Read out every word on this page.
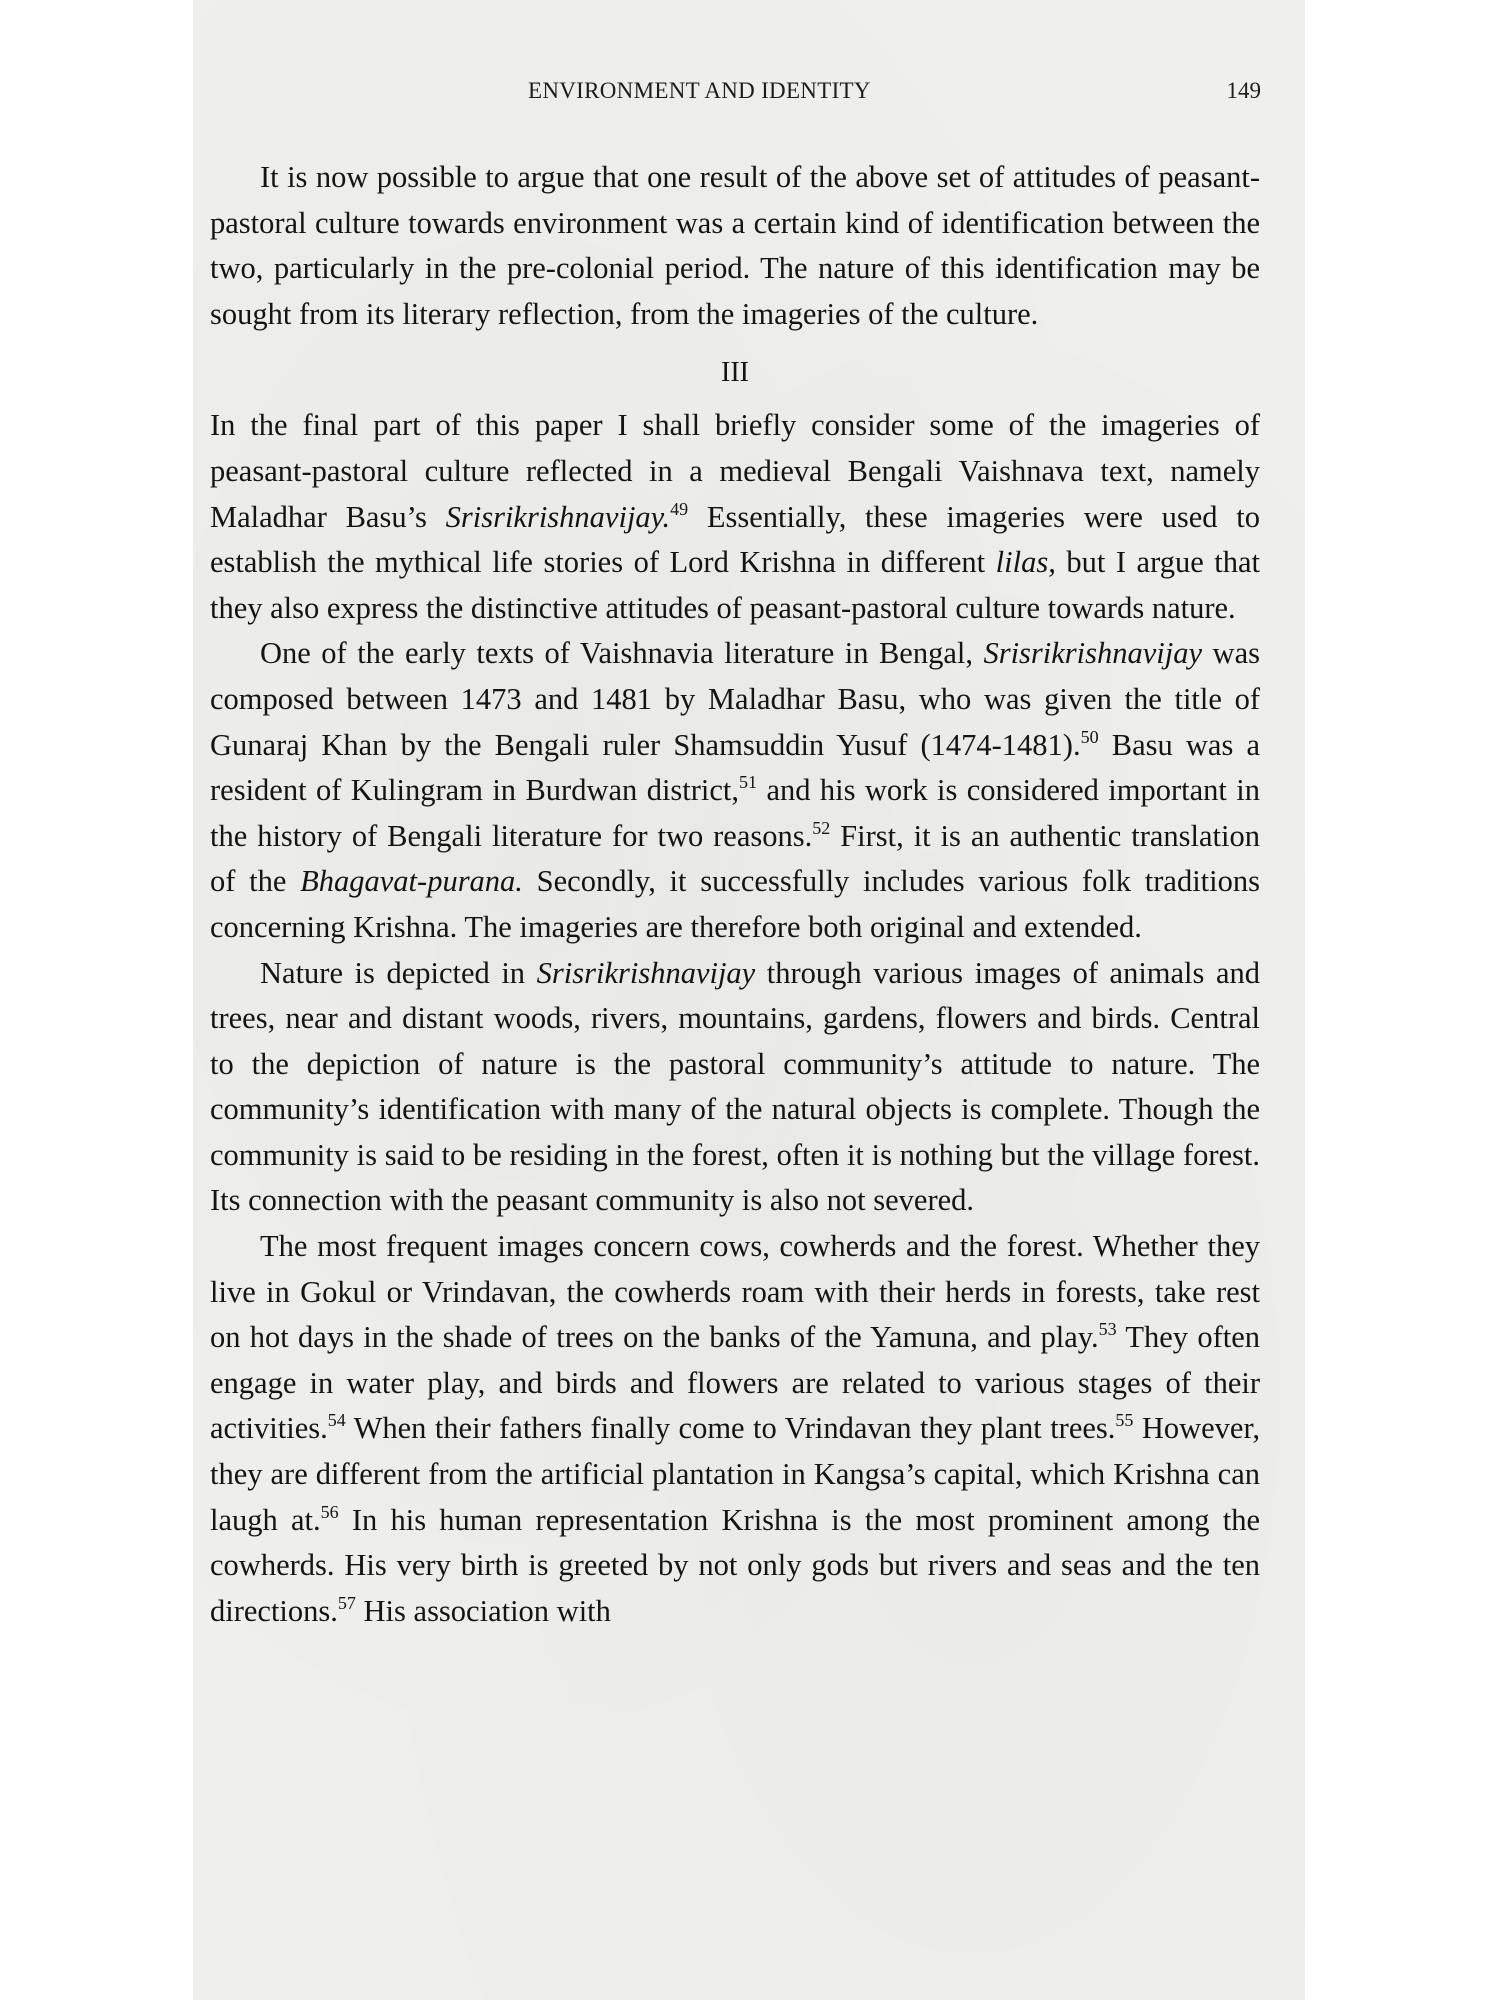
ENVIRONMENT AND IDENTITY	149

It is now possible to argue that one result of the above set of attitudes of peasant-pastoral culture towards environment was a certain kind of identification between the two, particularly in the pre-colonial period. The nature of this identification may be sought from its literary reflection, from the imageries of the culture.

III

In the final part of this paper I shall briefly consider some of the imageries of peasant-pastoral culture reflected in a medieval Bengali Vaishnava text, namely Maladhar Basu’s Srisrikrishnavijay.$^{49}$ Essentially, these imageries were used to establish the mythical life stories of Lord Krishna in different lilas, but I argue that they also express the distinctive attitudes of peasant-pastoral culture towards nature.

One of the early texts of Vaishnavia literature in Bengal, Srisrikrishnavijay was composed between 1473 and 1481 by Maladhar Basu, who was given the title of Gunaraj Khan by the Bengali ruler Shamsuddin Yusuf (1474-1481).$^{50}$ Basu was a resident of Kulingram in Burdwan district,$^{51}$ and his work is considered important in the history of Bengali literature for two reasons.$^{52}$ First, it is an authentic translation of the Bhagavat-purana. Secondly, it successfully includes various folk traditions concerning Krishna. The imageries are therefore both original and extended.

Nature is depicted in Srisrikrishnavijay through various images of animals and trees, near and distant woods, rivers, mountains, gardens, flowers and birds. Central to the depiction of nature is the pastoral community’s attitude to nature. The community’s identification with many of the natural objects is complete. Though the community is said to be residing in the forest, often it is nothing but the village forest. Its connection with the peasant community is also not severed.

The most frequent images concern cows, cowherds and the forest. Whether they live in Gokul or Vrindavan, the cowherds roam with their herds in forests, take rest on hot days in the shade of trees on the banks of the Yamuna, and play.$^{53}$ They often engage in water play, and birds and flowers are related to various stages of their activities.$^{54}$ When their fathers finally come to Vrindavan they plant trees.$^{55}$ However, they are different from the artificial plantation in Kangsa’s capital, which Krishna can laugh at.$^{56}$ In his human representation Krishna is the most prominent among the cowherds. His very birth is greeted by not only gods but rivers and seas and the ten directions.$^{57}$ His association with
